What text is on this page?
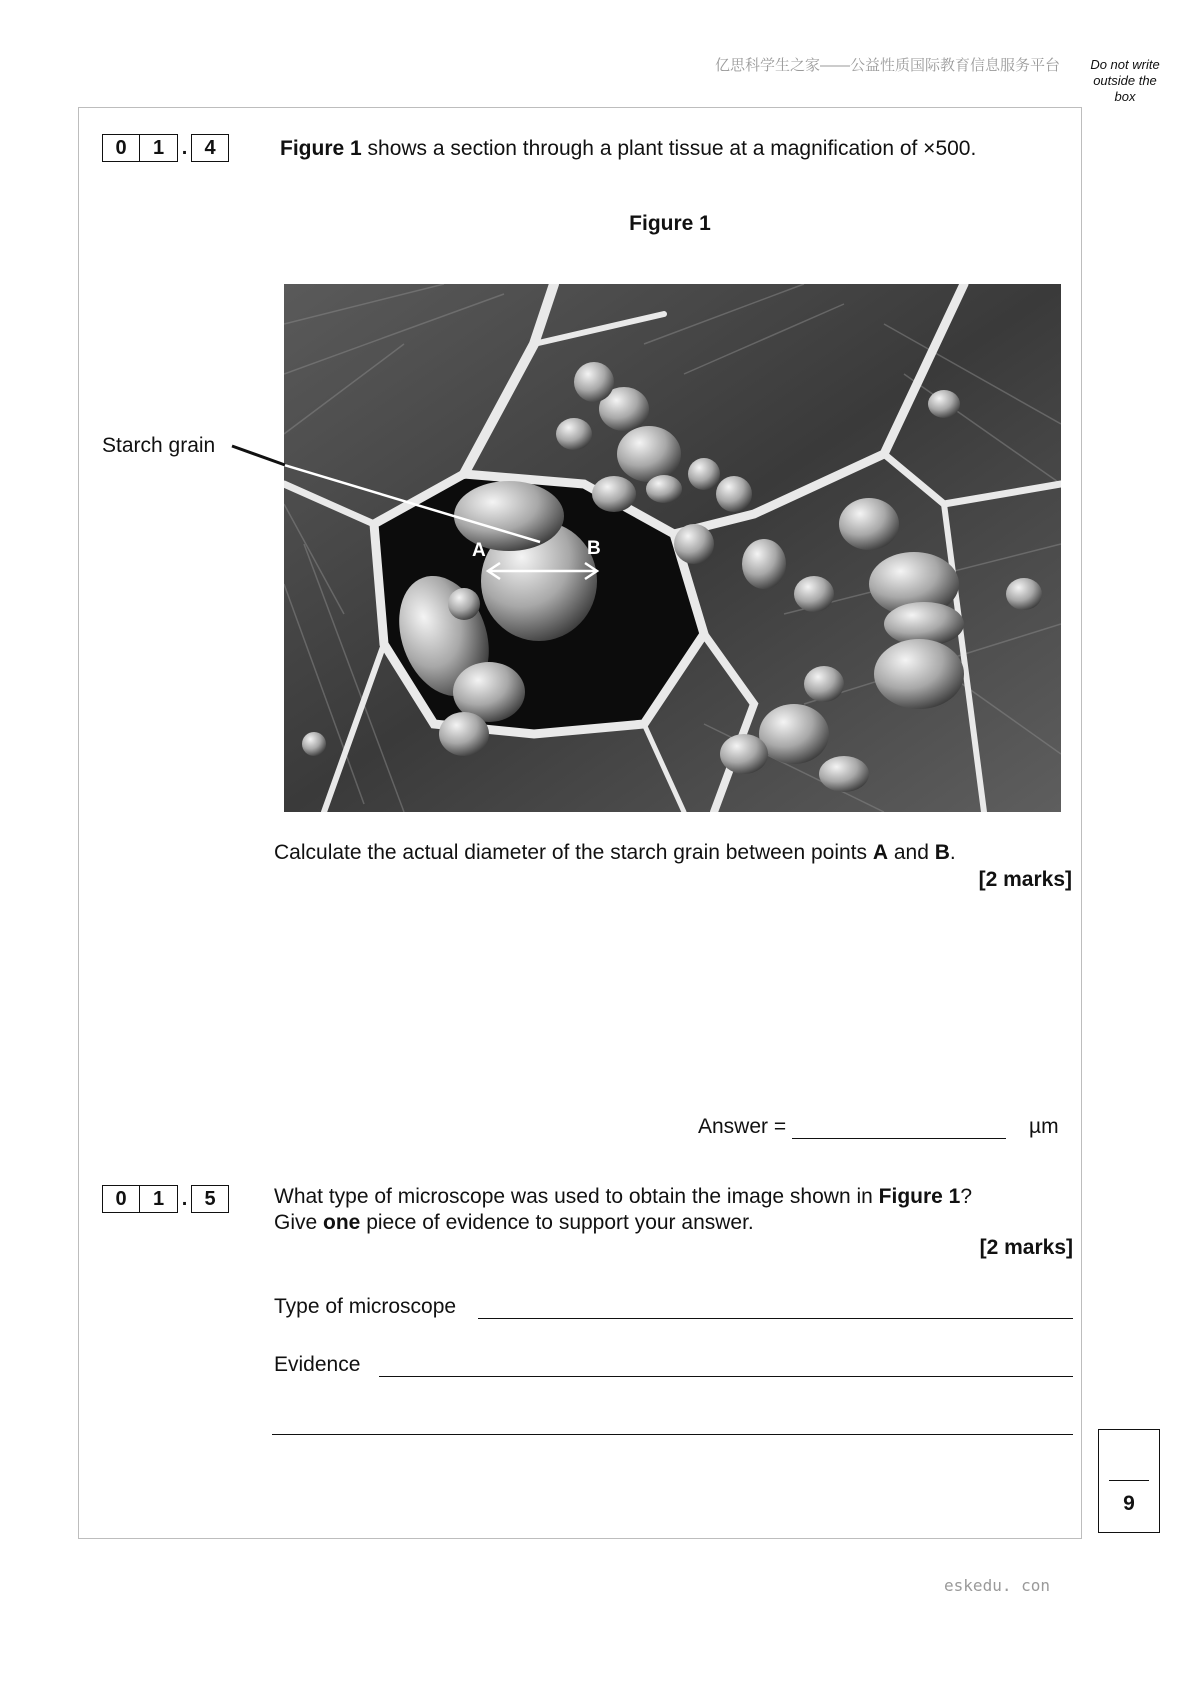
亿思科学生之家——公益性质国际教育信息服务平台	Do not write
outside the
box
0	1 . 4	Figure 1 shows a section through a plant tissue at a magnification of ×500.
Figure 1
A	B
Starch grain
Calculate the actual diameter of the starch grain between points A and B.
[2 marks]
Answer =	µm
0	1 . 5	What type of microscope was used to obtain the image shown in Figure 1?
Give one piece of evidence to support your answer.
[2 marks]
Type of microscope
Evidence
9
eskedu. con
